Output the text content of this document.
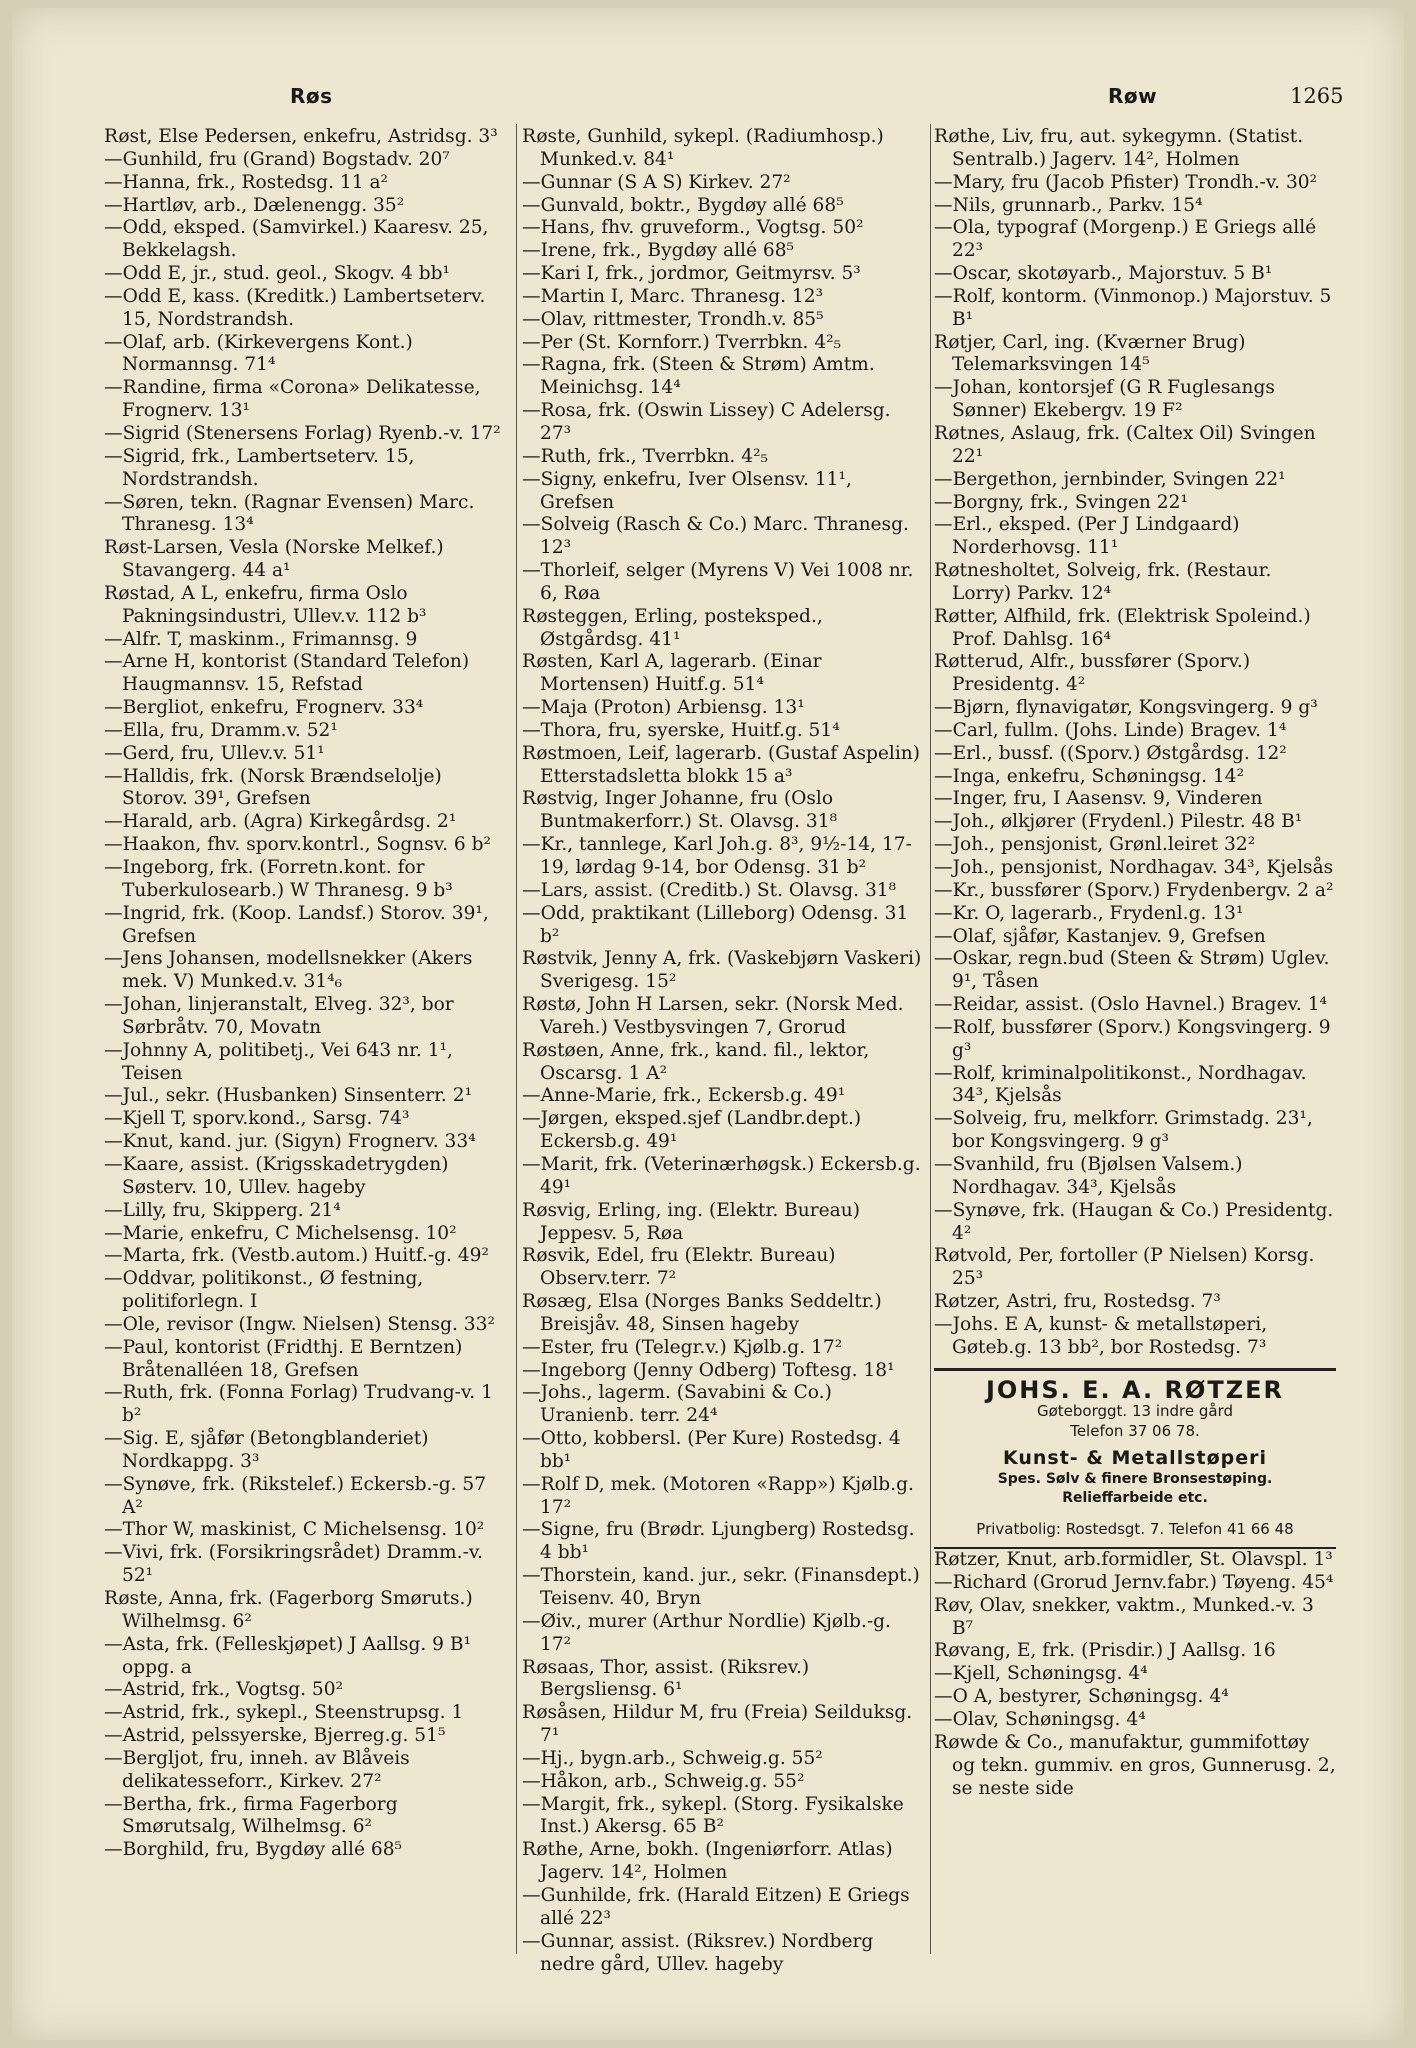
Røs	Røw	1265

Røst, Else Pedersen, enkefru, Astridsg. 3³

—Gunhild, fru (Grand) Bogstadv. 20⁷

—Hanna, frk., Rostedsg. 11 a²

—Hartløv, arb., Dælenengg. 35²

—Odd, eksped. (Samvirkel.) Kaaresv. 25, Bekkelagsh.

—Odd E, jr., stud. geol., Skogv. 4 bb¹

—Odd E, kass. (Kreditk.) Lambertseterv. 15, Nordstrandsh.

—Olaf, arb. (Kirkevergens Kont.) Normannsg. 71⁴

—Randine, firma «Corona» Delikatesse, Frognerv. 13¹

—Sigrid (Stenersens Forlag) Ryenb.-v. 17²

—Sigrid, frk., Lambertseterv. 15, Nordstrandsh.

—Søren, tekn. (Ragnar Evensen) Marc. Thranesg. 13⁴

Røst-Larsen, Vesla (Norske Melkef.) Stavangerg. 44 a¹

Røstad, A L, enkefru, firma Oslo Pakningsindustri, Ullev.v. 112 b³

—Alfr. T, maskinm., Frimannsg. 9

—Arne H, kontorist (Standard Telefon) Haugmannsv. 15, Refstad

—Bergliot, enkefru, Frognerv. 33⁴

—Ella, fru, Dramm.v. 52¹

—Gerd, fru, Ullev.v. 51¹

—Halldis, frk. (Norsk Brændselolje) Storov. 39¹, Grefsen

—Harald, arb. (Agra) Kirkegårdsg. 2¹

—Haakon, fhv. sporv.kontrl., Sognsv. 6 b²

—Ingeborg, frk. (Forretn.kont. for Tuberkulosearb.) W Thranesg. 9 b³

—Ingrid, frk. (Koop. Landsf.) Storov. 39¹, Grefsen

—Jens Johansen, modellsnekker (Akers mek. V) Munked.v. 31⁴₆

—Johan, linjeranstalt, Elveg. 32³, bor Sørbråtv. 70, Movatn

—Johnny A, politibetj., Vei 643 nr. 1¹, Teisen

—Jul., sekr. (Husbanken) Sinsenterr. 2¹

—Kjell T, sporv.kond., Sarsg. 74³

—Knut, kand. jur. (Sigyn) Frognerv. 33⁴

—Kaare, assist. (Krigsskadetrygden) Søsterv. 10, Ullev. hageby

—Lilly, fru, Skipperg. 21⁴

—Marie, enkefru, C Michelsensg. 10²

—Marta, frk. (Vestb.autom.) Huitf.-g. 49²

—Oddvar, politikonst., Ø festning, politiforlegn. I

—Ole, revisor (Ingw. Nielsen) Stensg. 33²

—Paul, kontorist (Fridthj. E Berntzen) Bråtenalléen 18, Grefsen

—Ruth, frk. (Fonna Forlag) Trudvang-v. 1 b²

—Sig. E, sjåfør (Betongblanderiet) Nordkappg. 3³

—Synøve, frk. (Rikstelef.) Eckersb.-g. 57 A²

—Thor W, maskinist, C Michelsensg. 10²

—Vivi, frk. (Forsikringsrådet) Dramm.-v. 52¹

Røste, Anna, frk. (Fagerborg Smøruts.) Wilhelmsg. 6²

—Asta, frk. (Felleskjøpet) J Aallsg. 9 B¹ oppg. a

—Astrid, frk., Vogtsg. 50²

—Astrid, frk., sykepl., Steenstrupsg. 1

—Astrid, pelssyerske, Bjerreg.g. 51⁵

—Bergljot, fru, inneh. av Blåveis delikatesseforr., Kirkev. 27²

—Bertha, frk., firma Fagerborg Smørutsalg, Wilhelmsg. 6²

—Borghild, fru, Bygdøy allé 68⁵

Røste, Gunhild, sykepl. (Radiumhosp.) Munked.v. 84¹

—Gunnar (S A S) Kirkev. 27²

—Gunvald, boktr., Bygdøy allé 68⁵

—Hans, fhv. gruveform., Vogtsg. 50²

—Irene, frk., Bygdøy allé 68⁵

—Kari I, frk., jordmor, Geitmyrsv. 5³

—Martin I, Marc. Thranesg. 12³

—Olav, rittmester, Trondh.v. 85⁵

—Per (St. Kornforr.) Tverrbkn. 4²₅

—Ragna, frk. (Steen & Strøm) Amtm. Meinichsg. 14⁴

—Rosa, frk. (Oswin Lissey) C Adelersg. 27³

—Ruth, frk., Tverrbkn. 4²₅

—Signy, enkefru, Iver Olsensv. 11¹, Grefsen

—Solveig (Rasch & Co.) Marc. Thranesg. 12³

—Thorleif, selger (Myrens V) Vei 1008 nr. 6, Røa

Røsteggen, Erling, posteksped., Østgårdsg. 41¹

Røsten, Karl A, lagerarb. (Einar Mortensen) Huitf.g. 51⁴

—Maja (Proton) Arbiensg. 13¹

—Thora, fru, syerske, Huitf.g. 51⁴

Røstmoen, Leif, lagerarb. (Gustaf Aspelin) Etterstadsletta blokk 15 a³

Røstvig, Inger Johanne, fru (Oslo Buntmakerforr.) St. Olavsg. 31⁸

—Kr., tannlege, Karl Joh.g. 8³, 9½-14, 17-19, lørdag 9-14, bor Odensg. 31 b²

—Lars, assist. (Creditb.) St. Olavsg. 31⁸

—Odd, praktikant (Lilleborg) Odensg. 31 b²

Røstvik, Jenny A, frk. (Vaskebjørn Vaskeri) Sverigesg. 15²

Røstø, John H Larsen, sekr. (Norsk Med. Vareh.) Vestbysvingen 7, Grorud

Røstøen, Anne, frk., kand. fil., lektor, Oscarsg. 1 A²

—Anne-Marie, frk., Eckersb.g. 49¹

—Jørgen, eksped.sjef (Landbr.dept.) Eckersb.g. 49¹

—Marit, frk. (Veterinærhøgsk.) Eckersb.g. 49¹

Røsvig, Erling, ing. (Elektr. Bureau) Jeppesv. 5, Røa

Røsvik, Edel, fru (Elektr. Bureau) Observ.terr. 7²

Røsæg, Elsa (Norges Banks Seddeltr.) Breisjåv. 48, Sinsen hageby

—Ester, fru (Telegr.v.) Kjølb.g. 17²

—Ingeborg (Jenny Odberg) Toftesg. 18¹

—Johs., lagerm. (Savabini & Co.) Uranienb. terr. 24⁴

—Otto, kobbersl. (Per Kure) Rostedsg. 4 bb¹

—Rolf D, mek. (Motoren «Rapp») Kjølb.g. 17²

—Signe, fru (Brødr. Ljungberg) Rostedsg. 4 bb¹

—Thorstein, kand. jur., sekr. (Finansdept.) Teisenv. 40, Bryn

—Øiv., murer (Arthur Nordlie) Kjølb.-g. 17²

Røsaas, Thor, assist. (Riksrev.) Bergsliensg. 6¹

Røsåsen, Hildur M, fru (Freia) Seilduksg. 7¹

—Hj., bygn.arb., Schweig.g. 55²

—Håkon, arb., Schweig.g. 55²

—Margit, frk., sykepl. (Storg. Fysikalske Inst.) Akersg. 65 B²

Røthe, Arne, bokh. (Ingeniørforr. Atlas) Jagerv. 14², Holmen

—Gunhilde, frk. (Harald Eitzen) E Griegs allé 22³

—Gunnar, assist. (Riksrev.) Nordberg nedre gård, Ullev. hageby

Røthe, Liv, fru, aut. sykegymn. (Statist. Sentralb.) Jagerv. 14², Holmen

—Mary, fru (Jacob Pfister) Trondh.-v. 30²

—Nils, grunnarb., Parkv. 15⁴

—Ola, typograf (Morgenp.) E Griegs allé 22³

—Oscar, skotøyarb., Majorstuv. 5 B¹

—Rolf, kontorm. (Vinmonop.) Majorstuv. 5 B¹

Røtjer, Carl, ing. (Kværner Brug) Telemarksvingen 14⁵

—Johan, kontorsjef (G R Fuglesangs Sønner) Ekebergv. 19 F²

Røtnes, Aslaug, frk. (Caltex Oil) Svingen 22¹

—Bergethon, jernbinder, Svingen 22¹

—Borgny, frk., Svingen 22¹

—Erl., eksped. (Per J Lindgaard) Norderhovsg. 11¹

Røtnesholtet, Solveig, frk. (Restaur. Lorry) Parkv. 12⁴

Røtter, Alfhild, frk. (Elektrisk Spoleind.) Prof. Dahlsg. 16⁴

Røtterud, Alfr., bussfører (Sporv.) Presidentg. 4²

—Bjørn, flynavigatør, Kongsvingerg. 9 g³

—Carl, fullm. (Johs. Linde) Bragev. 1⁴

—Erl., bussf. ((Sporv.) Østgårdsg. 12²

—Inga, enkefru, Schøningsg. 14²

—Inger, fru, I Aasensv. 9, Vinderen

—Joh., ølkjører (Frydenl.) Pilestr. 48 B¹

—Joh., pensjonist, Grønl.leiret 32²

—Joh., pensjonist, Nordhagav. 34³, Kjelsås

—Kr., bussfører (Sporv.) Frydenbergv. 2 a²

—Kr. O, lagerarb., Frydenl.g. 13¹

—Olaf, sjåfør, Kastanjev. 9, Grefsen

—Oskar, regn.bud (Steen & Strøm) Uglev. 9¹, Tåsen

—Reidar, assist. (Oslo Havnel.) Bragev. 1⁴

—Rolf, bussfører (Sporv.) Kongsvingerg. 9 g³

—Rolf, kriminalpolitikonst., Nordhagav. 34³, Kjelsås

—Solveig, fru, melkforr. Grimstadg. 23¹, bor Kongsvingerg. 9 g³

—Svanhild, fru (Bjølsen Valsem.) Nordhagav. 34³, Kjelsås

—Synøve, frk. (Haugan & Co.) Presidentg. 4²

Røtvold, Per, fortoller (P Nielsen) Korsg. 25³

Røtzer, Astri, fru, Rostedsg. 7³

—Johs. E A, kunst- & metallstøperi, Gøteb.g. 13 bb², bor Rostedsg. 7³

JOHS. E. A. RØTZER
Gøteborggt. 13 indre gård
Telefon 37 06 78.
Kunst- & Metallstøperi
Spes. Sølv & finere Bronsestøping.
Relieffarbeide etc.
Privatbolig: Rostedsgt. 7. Telefon 41 66 48

Røtzer, Knut, arb.formidler, St. Olavspl. 1³

—Richard (Grorud Jernv.fabr.) Tøyeng. 45⁴

Røv, Olav, snekker, vaktm., Munked.-v. 3 B⁷

Røvang, E, frk. (Prisdir.) J Aallsg. 16

—Kjell, Schøningsg. 4⁴

—O A, bestyrer, Schøningsg. 4⁴

—Olav, Schøningsg. 4⁴

Røwde & Co., manufaktur, gummifottøy og tekn. gummiv. en gros, Gunnerusg. 2, se neste side
